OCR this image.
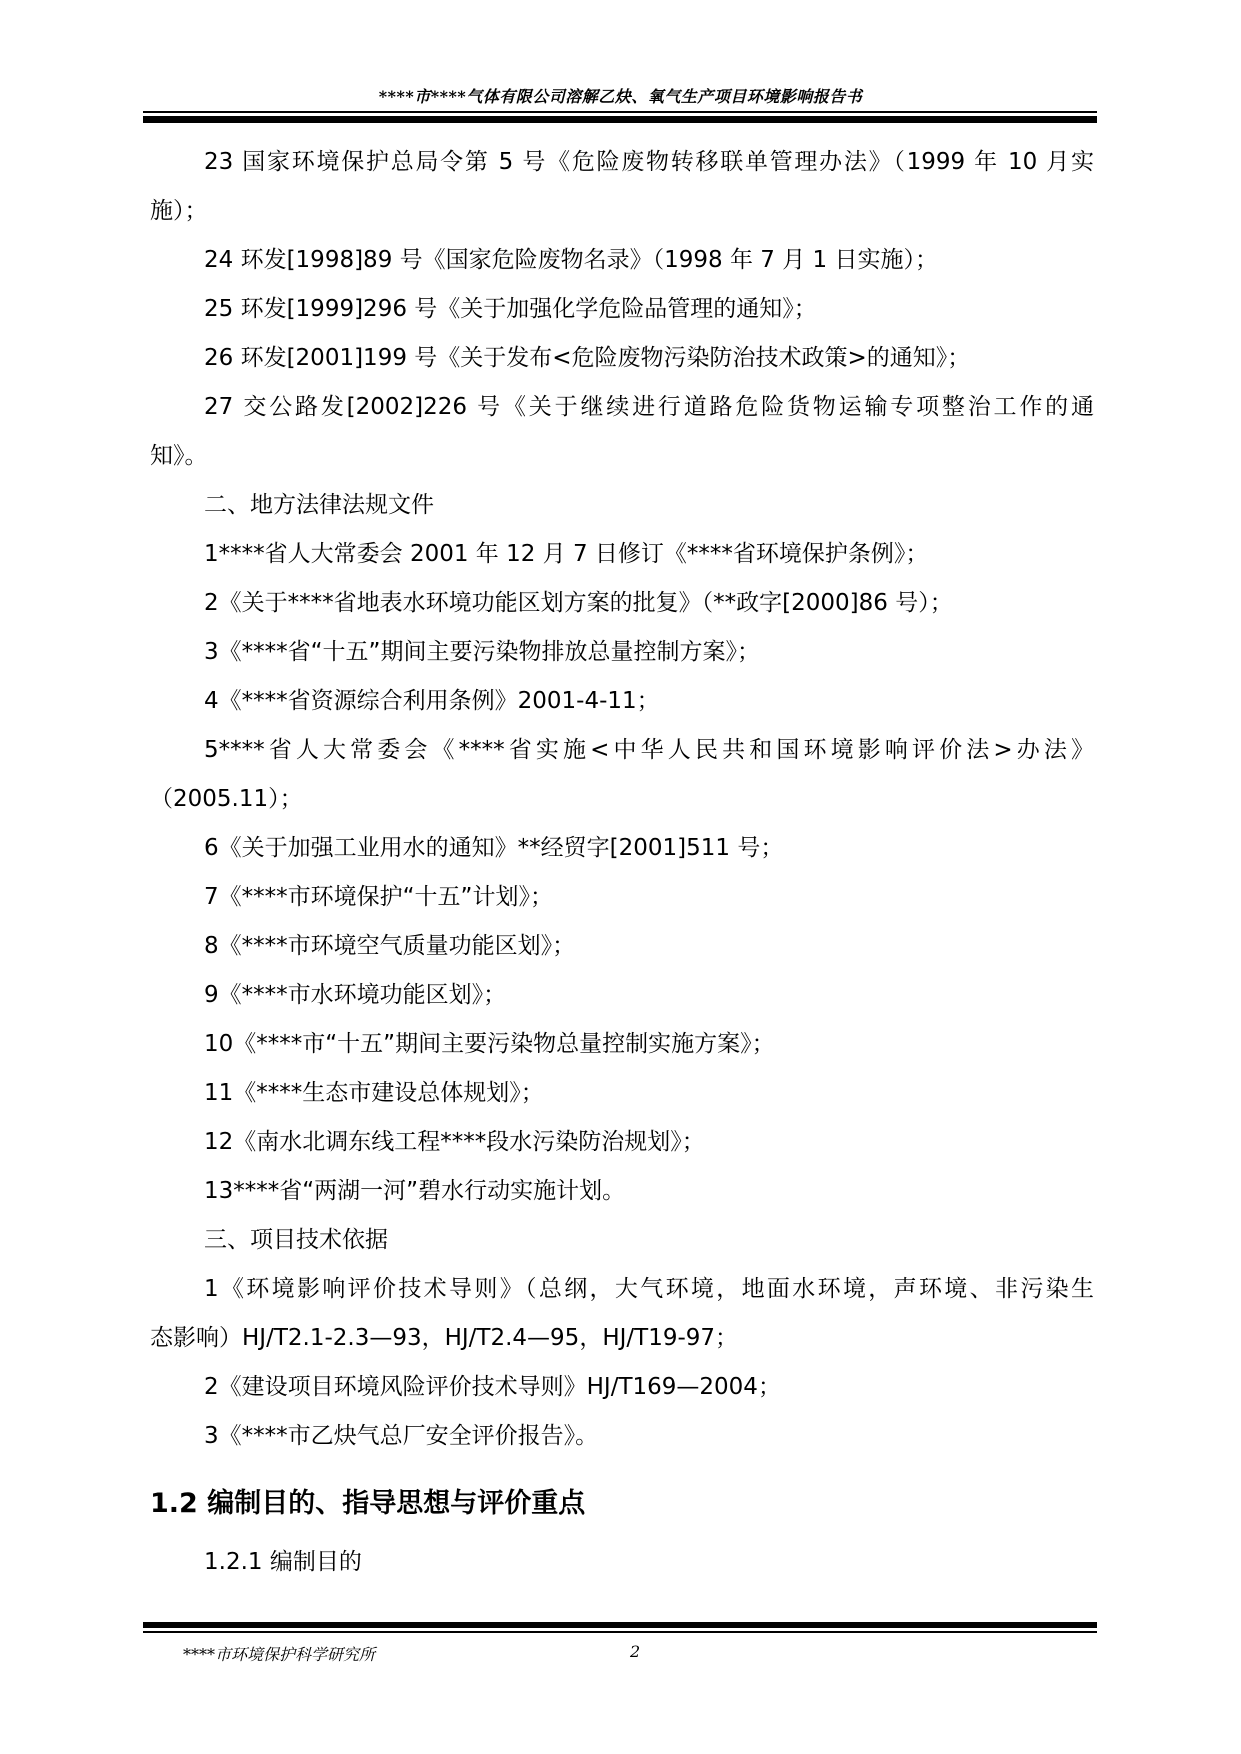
****市****气体有限公司溶解乙炔、氧气生产项目环境影响报告书
23 国家环境保护总局令第 5 号《危险废物转移联单管理办法》（1999 年 10 月实
施）；
24 环发[1998]89 号《国家危险废物名录》（1998 年 7 月 1 日实施）；
25 环发[1999]296 号《关于加强化学危险品管理的通知》；
26 环发[2001]199 号《关于发布<危险废物污染防治技术政策>的通知》；
27 交公路发[2002]226 号《关于继续进行道路危险货物运输专项整治工作的通
知》。
二、地方法律法规文件
1****省人大常委会 2001 年 12 月 7 日修订《****省环境保护条例》；
2《关于****省地表水环境功能区划方案的批复》（**政字[2000]86 号）；
3《****省“十五”期间主要污染物排放总量控制方案》；
4《****省资源综合利用条例》2001-4-11；
5****省人大常委会《****省实施<中华人民共和国环境影响评价法>办法》
（2005.11）；
6《关于加强工业用水的通知》**经贸字[2001]511 号；
7《****市环境保护“十五”计划》；
8《****市环境空气质量功能区划》；
9《****市水环境功能区划》；
10《****市“十五”期间主要污染物总量控制实施方案》；
11《****生态市建设总体规划》；
12《南水北调东线工程****段水污染防治规划》；
13****省“两湖一河”碧水行动实施计划。
三、项目技术依据
1《环境影响评价技术导则》（总纲，大气环境，地面水环境，声环境、非污染生
态影响）HJ/T2.1-2.3—93，HJ/T2.4—95，HJ/T19-97；
2《建设项目环境风险评价技术导则》HJ/T169—2004；
3《****市乙炔气总厂安全评价报告》。
1.2 编制目的、指导思想与评价重点
1.2.1 编制目的
****市环境保护科学研究所	2
